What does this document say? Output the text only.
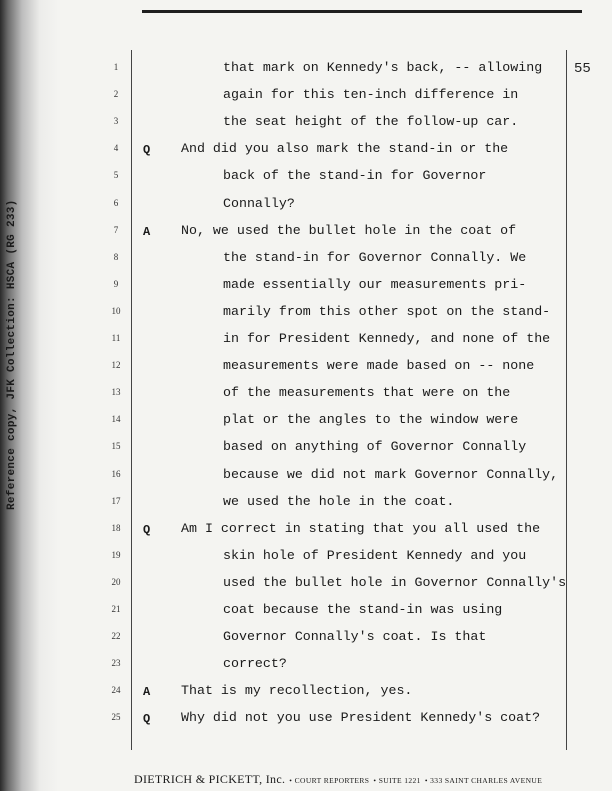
Reference copy, JFK Collection: HSCA (RG 233)
55
1	that mark on Kennedy's back, -- allowing
2	again for this ten-inch difference in
3	the seat height of the follow-up car.
4	Q And did you also mark the stand-in or the
5	back of the stand-in for Governor
6	Connally?
7	A No, we used the bullet hole in the coat of
8	the stand-in for Governor Connally. We
9	made essentially our measurements pri-
10	marily from this other spot on the stand-
11	in for President Kennedy, and none of the
12	measurements were made based on -- none
13	of the measurements that were on the
14	plat or the angles to the window were
15	based on anything of Governor Connally
16	because we did not mark Governor Connally,
17	we used the hole in the coat.
18 Q Am I correct in stating that you all used the
19	skin hole of President Kennedy and you
20	used the bullet hole in Governor Connally's
21	coat because the stand-in was using
22	Governor Connally's coat. Is that
23	correct?
24 A That is my recollection, yes.
25 Q Why did not you use President Kennedy's coat?
DIETRICH & PICKETT, Inc. • COURT REPORTERS • SUITE 1221 • 333 SAINT CHARLES AVENUE
